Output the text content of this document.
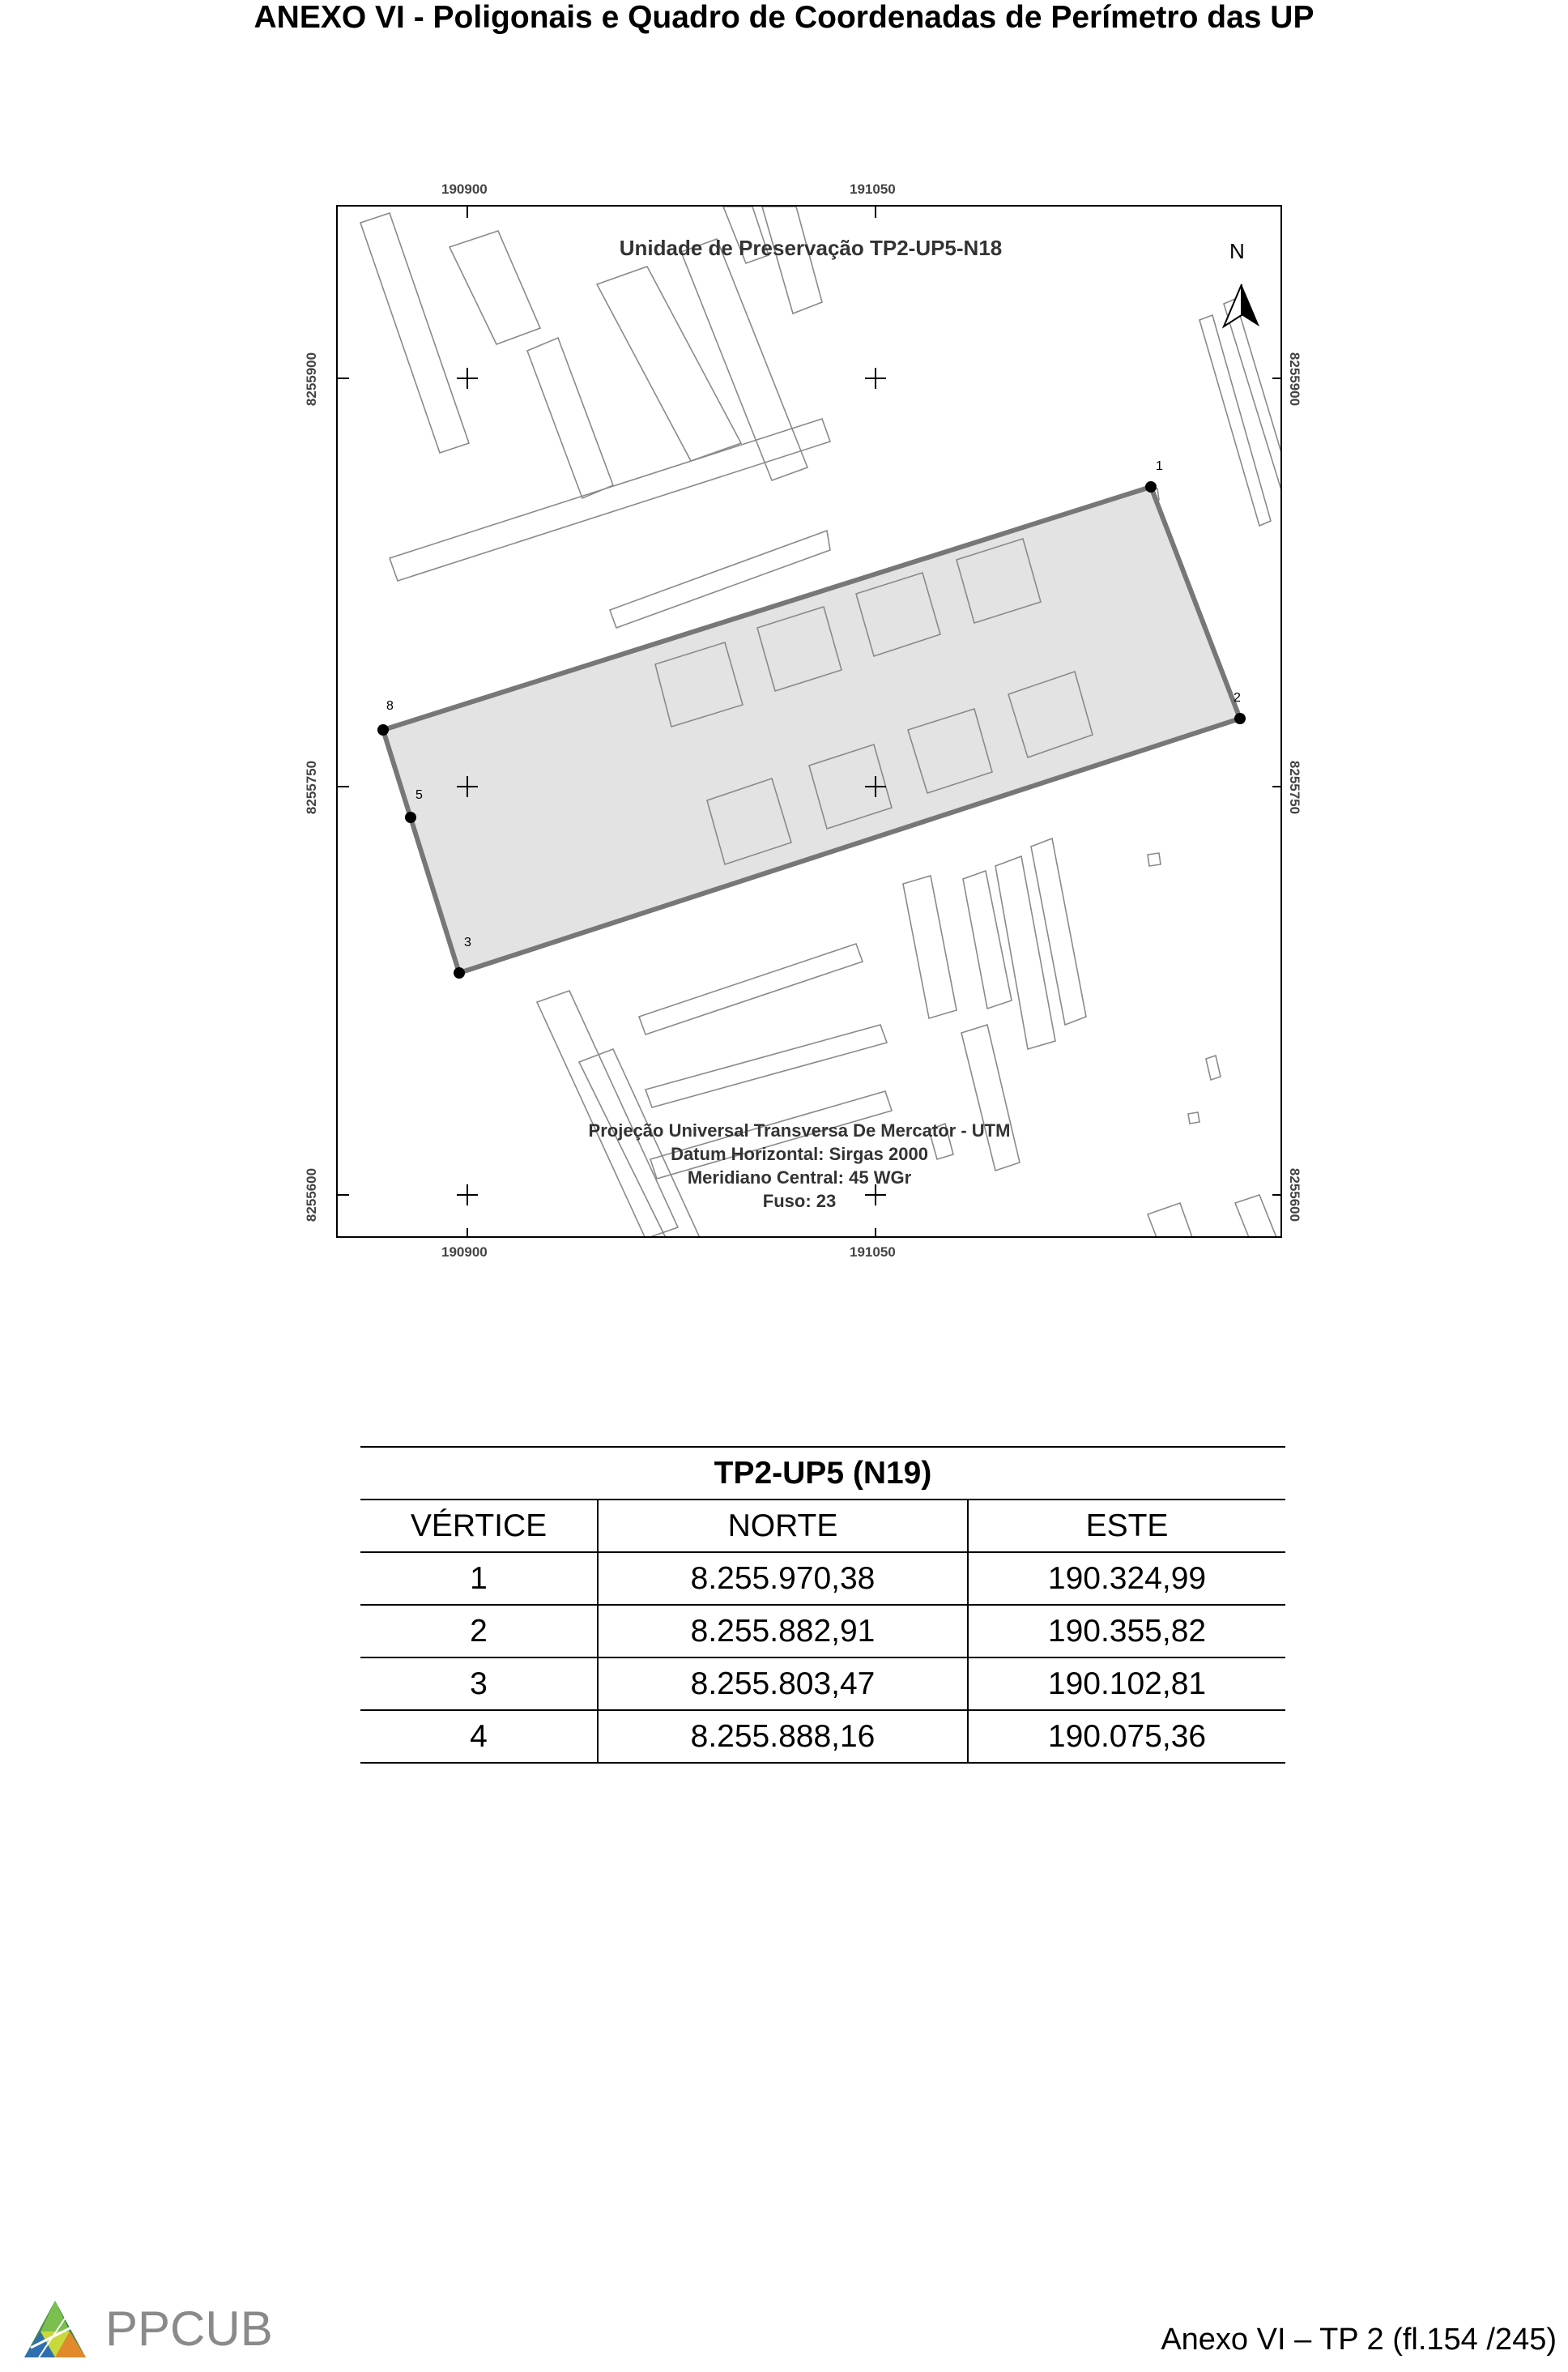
ANEXO VI - Poligonais e Quadro de Coordenadas de Perímetro das UP
190900	191050
190900	191050
8255900
8255750
8255600
8255900
8255750
8255600
Unidade de Preservação TP2-UP5-N18	N
1
2
3
5
8
Projeção Universal Transversa De Mercator - UTM
Datum Horizontal: Sirgas 2000
Meridiano Central: 45 WGr
Fuso: 23
TP2-UP5 (N19)		
VÉRTICE	NORTE	ESTE
1	8.255.970,38	190.324,99
2	8.255.882,91	190.355,82
3	8.255.803,47	190.102,81
4	8.255.888,16	190.075,36
PPCUB	Anexo VI – TP 2 (fl.154 /245)
